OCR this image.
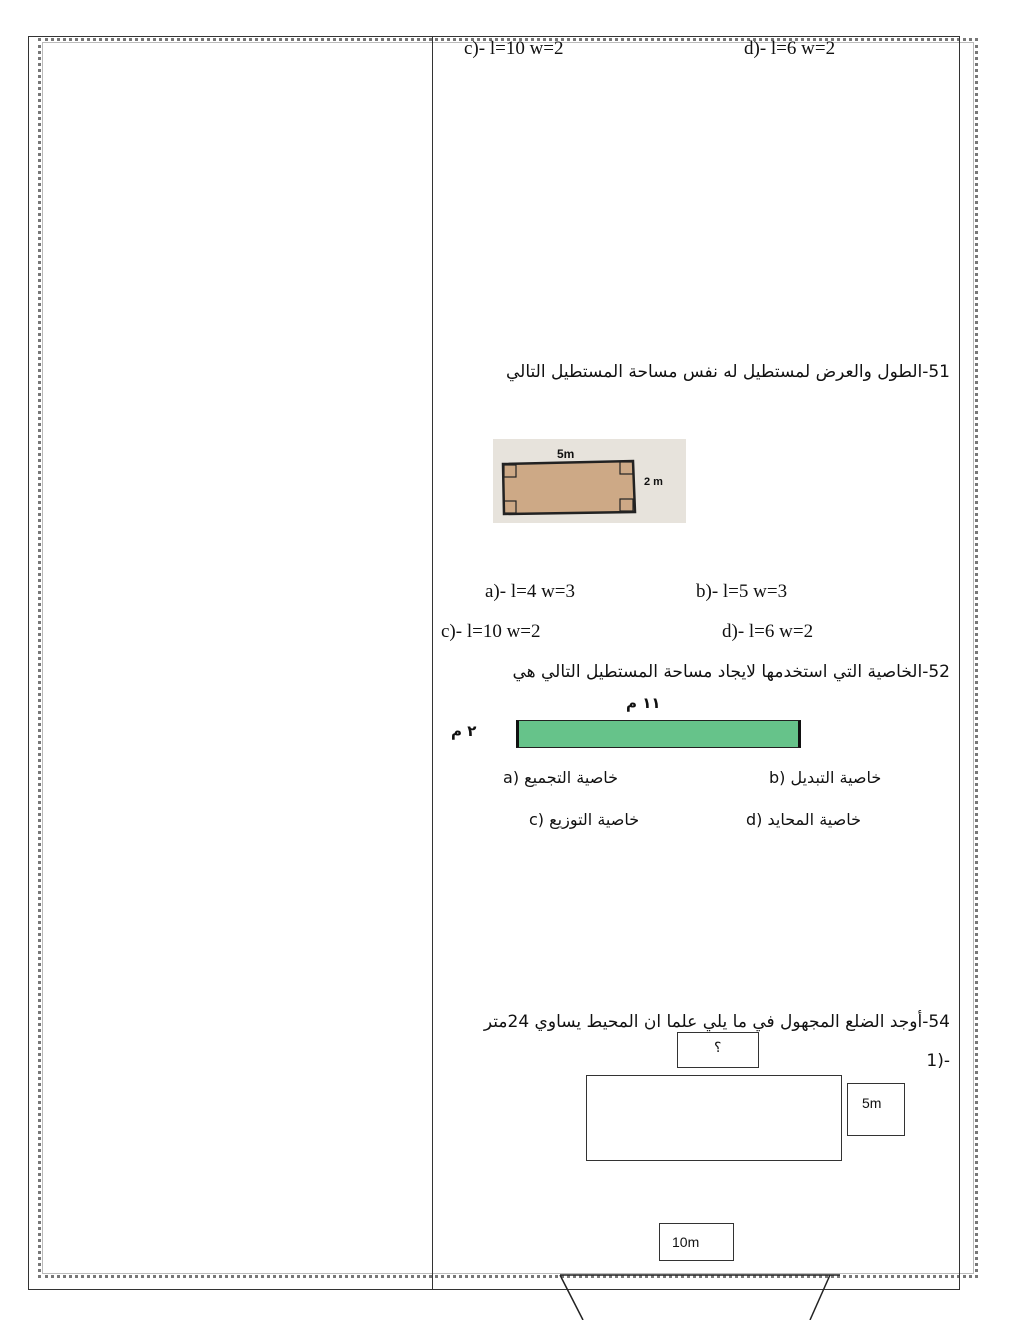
c)- l=10 w=2	d)- l=6 w=2
51-الطول والعرض لمستطيل له نفس مساحة المستطيل التالي
5m
2 m
a)- l=4 w=3	b)- l=5 w=3
c)- l=10 w=2	d)- l=6 w=2
52-الخاصية التي استخدمها لايجاد مساحة المستطيل التالي هي
١١ م
٢ م
خاصية التجميع (a	خاصية التبديل (b
خاصية التوزيع (c	خاصية المحايد (d
54-أوجد الضلع المجهول في ما يلي علما ان المحيط يساوي 24متر
-(1
؟
5m
10m
